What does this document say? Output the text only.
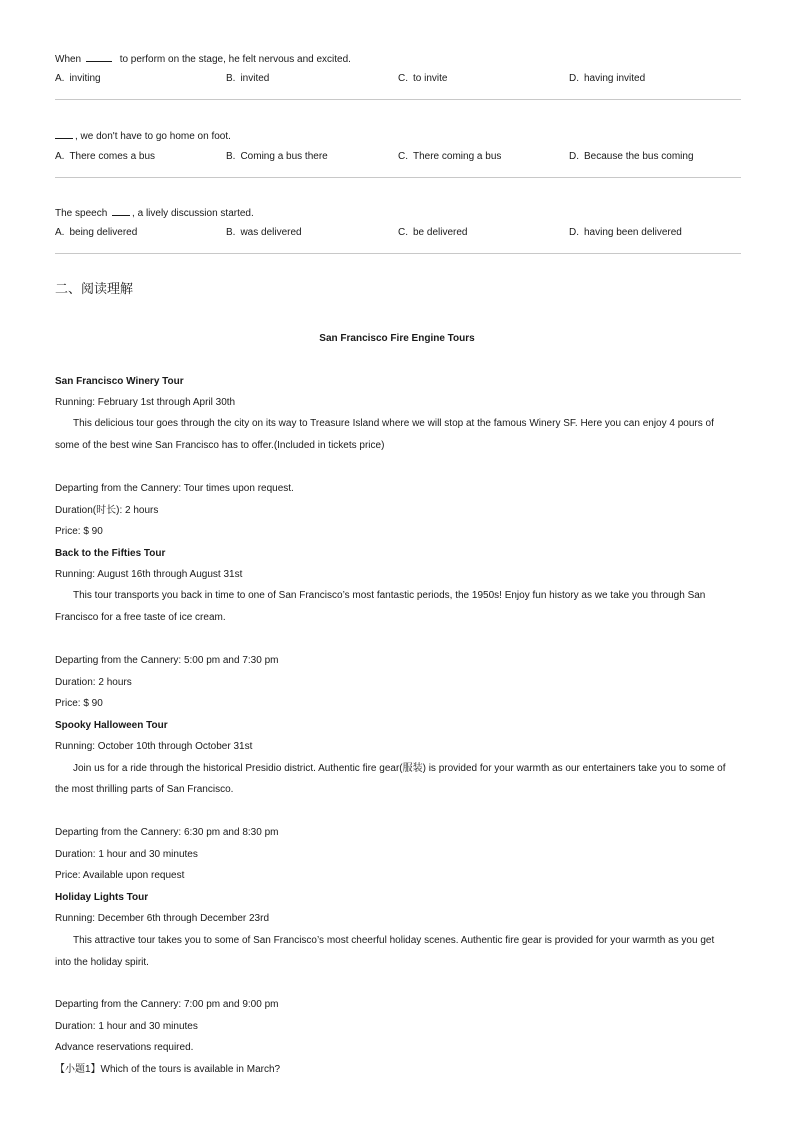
When	to perform on the stage, he felt nervous and excited.
A. inviting	B. invited	C. to invite	D. having invited
, we don't have to go home on foot.
A. There comes a bus	B. Coming a bus there	C. There coming a bus	D. Because the bus coming
The speech , a lively discussion started.
A. being delivered	B. was delivered	C. be delivered	D. having been delivered
二、阅读理解
San Francisco Fire Engine Tours
San Francisco Winery Tour
Running: February 1st through April 30th
This delicious tour goes through the city on its way to Treasure Island where we will stop at the famous Winery SF. Here you can enjoy 4 pours of
some of the best wine San Francisco has to offer.(Included in tickets price)
Departing from the Cannery: Tour times upon request.
Duration(时长): 2 hours
Price: $ 90
Back to the Fifties Tour
Running: August 16th through August 31st
This tour transports you back in time to one of San Francisco’s most fantastic periods, the 1950s! Enjoy fun history as we take you through San
Francisco for a free taste of ice cream.
Departing from the Cannery: 5:00 pm and 7:30 pm
Duration: 2 hours
Price: $ 90
Spooky Halloween Tour
Running: October 10th through October 31st
Join us for a ride through the historical Presidio district. Authentic fire gear(服装) is provided for your warmth as our entertainers take you to some of
the most thrilling parts of San Francisco.
Departing from the Cannery: 6:30 pm and 8:30 pm
Duration: 1 hour and 30 minutes
Price: Available upon request
Holiday Lights Tour
Running: December 6th through December 23rd
This attractive tour takes you to some of San Francisco’s most cheerful holiday scenes. Authentic fire gear is provided for your warmth as you get
into the holiday spirit.
Departing from the Cannery: 7:00 pm and 9:00 pm
Duration: 1 hour and 30 minutes
Advance reservations required.
【小题1】Which of the tours is available in March?
